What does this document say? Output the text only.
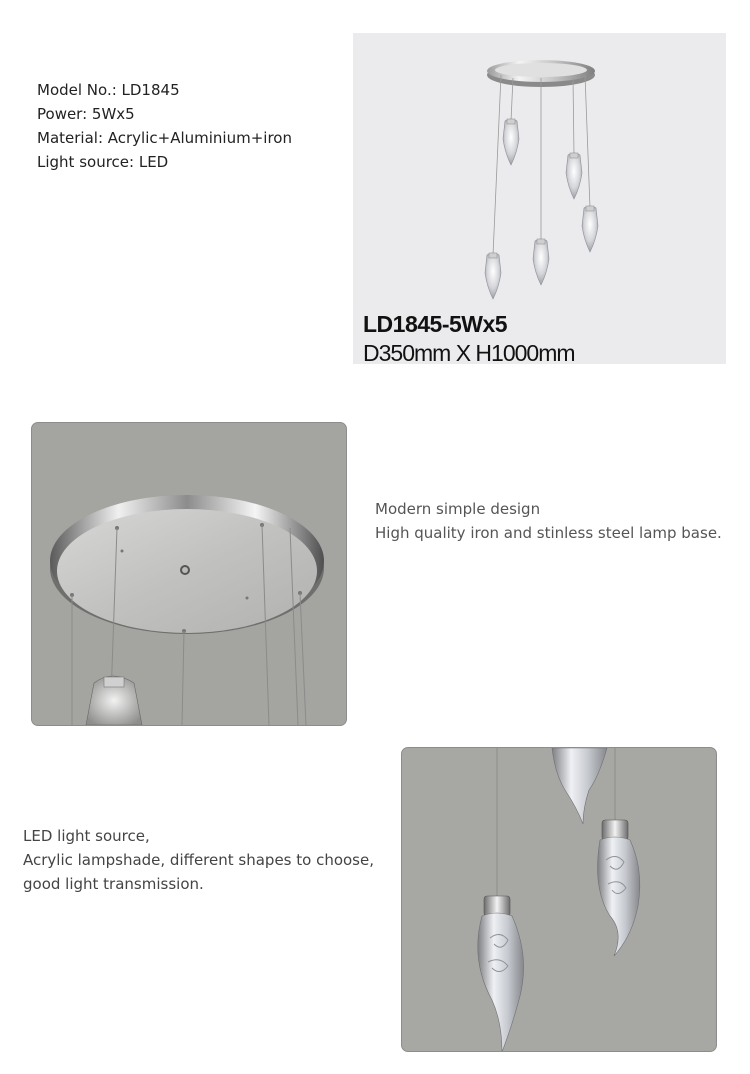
Model No.: LD1845
Power: 5Wx5
Material: Acrylic+Aluminium+iron
Light source: LED
LD1845-5Wx5
D350mm X H1000mm
Modern simple design
High quality iron and stinless steel lamp base.
LED light source,
Acrylic lampshade, different shapes to choose,
good light transmission.
